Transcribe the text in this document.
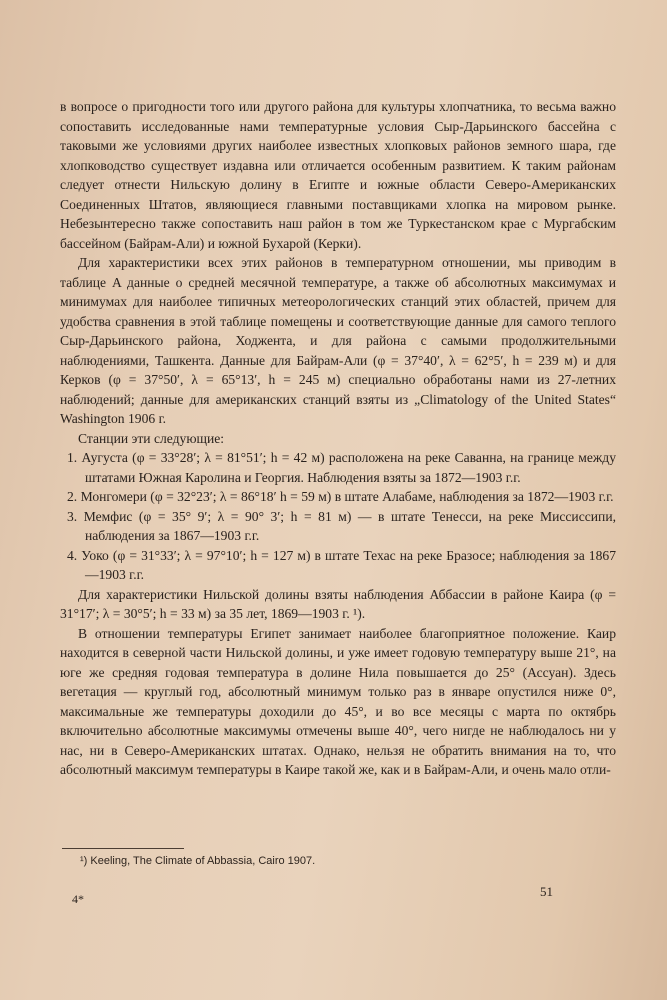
в вопросе о пригодности того или другого района для культуры хлопчатника, то весьма важно сопоставить исследованные нами температурные условия Сыр-Дарьинского бассейна с таковыми же условиями других наиболее известных хлопковых районов земного шара, где хлопководство существует издавна или отличается особенным развитием. К таким районам следует отнести Нильскую долину в Египте и южные области Северо-Американских Соединенных Штатов, являющиеся главными поставщиками хлопка на мировом рынке. Небезынтересно также сопоставить наш район в том же Туркестанском крае с Мургабским бассейном (Байрам-Али) и южной Бухарой (Керки).

Для характеристики всех этих районов в температурном отношении, мы приводим в таблице A данные о средней месячной температуре, а также об абсолютных максимумах и минимумах для наиболее типичных метеорологических станций этих областей, причем для удобства сравнения в этой таблице помещены и соответствующие данные для самого теплого Сыр-Дарьинского района, Ходжента, и для района с самыми продолжительными наблюдениями, Ташкента. Данные для Байрам-Али (φ = 37°40′, λ = 62°5′, h = 239 м) и для Керков (φ = 37°50′, λ = 65°13′, h = 245 м) специально обработаны нами из 27-летних наблюдений; данные для американских станций взяты из „Climatology of the United States“ Washington 1906 г.

Станции эти следующие:

1. Аугуста (φ = 33°28′; λ = 81°51′; h = 42 м) расположена на реке Саванна, на границе между штатами Южная Каролина и Георгия. Наблюдения взяты за 1872—1903 г.г.
2. Монгомери (φ = 32°23′; λ = 86°18′ h = 59 м) в штате Алабаме, наблюдения за 1872—1903 г.г.
3. Мемфис (φ = 35° 9′; λ = 90° 3′; h = 81 м) — в штате Тенесси, на реке Миссиссипи, наблюдения за 1867—1903 г.г.
4. Уоко (φ = 31°33′; λ = 97°10′; h = 127 м) в штате Техас на реке Бразосе; наблюдения за 1867—1903 г.г.

Для характеристики Нильской долины взяты наблюдения Аббассии в районе Каира (φ = 31°17′; λ = 30°5′; h = 33 м) за 35 лет, 1869—1903 г. ¹).

В отношении температуры Египет занимает наиболее благоприятное положение. Каир находится в северной части Нильской долины, и уже имеет годовую температуру выше 21°, на юге же средняя годовая температура в долине Нила повышается до 25° (Ассуан). Здесь вегетация — круглый год, абсолютный минимум только раз в январе опустился ниже 0°, максимальные же температуры доходили до 45°, и во все месяцы с марта по октябрь включительно абсолютные максимумы отмечены выше 40°, чего нигде не наблюдалось ни у нас, ни в Северо-Американских штатах. Однако, нельзя не обратить внимания на то, что абсолютный максимум температуры в Каире такой же, как и в Байрам-Али, и очень мало отли-

¹) Keeling, The Climate of Abbassia, Cairo 1907.
4*	51
